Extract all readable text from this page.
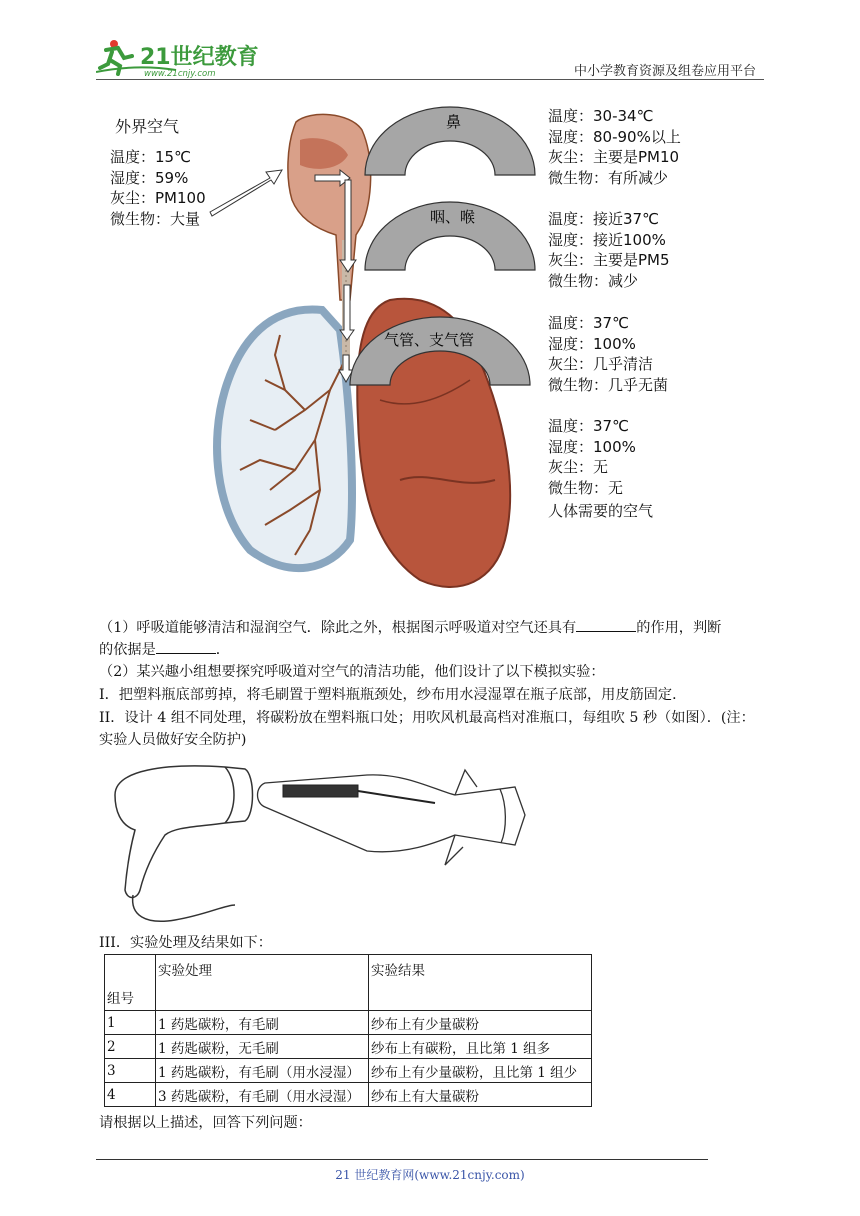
21世纪教育
www.21cnjy.com	中小学教育资源及组卷应用平台
鼻
咽、喉
气管、支气管
外界空气
温度：15℃
湿度：59%
灰尘：PM100
微生物：大量
温度：30-34℃
湿度：80-90%以上
灰尘：主要是PM10
微生物：有所减少
温度：接近37℃
湿度：接近100%
灰尘：主要是PM5
微生物：减少
温度：37℃
湿度：100%
灰尘：几乎清洁
微生物：几乎无菌
温度：37℃
湿度：100%
灰尘：无
微生物：无
人体需要的空气
（1）呼吸道能够清洁和湿润空气．除此之外，根据图示呼吸道对空气还具有	的作用，判断
的依据是	．
（2）某兴趣小组想要探究呼吸道对空气的清洁功能，他们设计了以下模拟实验：
I．把塑料瓶底部剪掉，将毛刷置于塑料瓶瓶颈处，纱布用水浸湿罩在瓶子底部，用皮筋固定．
II．设计 4 组不同处理，将碳粉放在塑料瓶口处；用吹风机最高档对准瓶口，每组吹 5 秒（如图）．(注：
实验人员做好安全防护)
III．实验处理及结果如下：
组号	实验处理	实验结果
1	1 药匙碳粉，有毛刷	纱布上有少量碳粉
2	1 药匙碳粉，无毛刷	纱布上有碳粉，且比第 1 组多
3	1 药匙碳粉，有毛刷（用水浸湿）	纱布上有少量碳粉，且比第 1 组少
4	3 药匙碳粉，有毛刷（用水浸湿）	纱布上有大量碳粉
请根据以上描述，回答下列问题：
21 世纪教育网(www.21cnjy.com)
